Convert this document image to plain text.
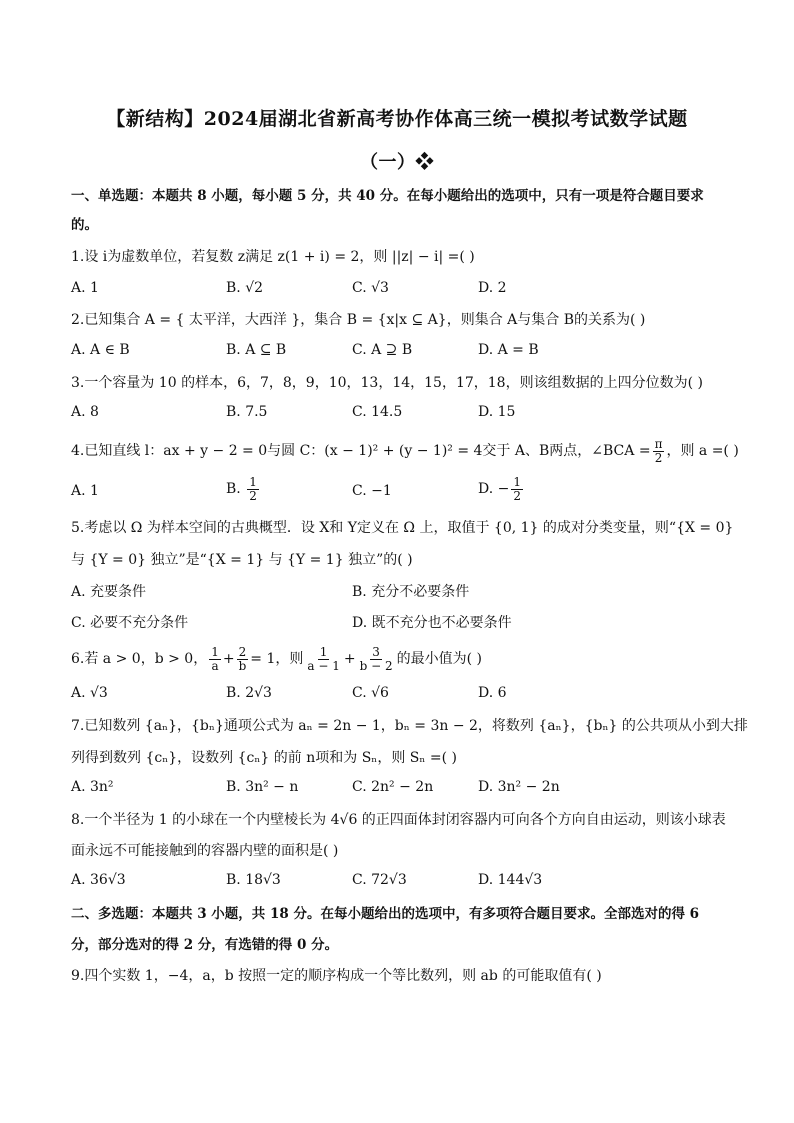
【新结构】2024届湖北省新高考协作体高三统一模拟考试数学试题
（一）❖
一、单选题：本题共 8 小题，每小题 5 分，共 40 分。在每小题给出的选项中，只有一项是符合题目要求
的。
1.设 i为虚数单位，若复数 z满足 z(1 + i) = 2，则 ||z| − i| =( )
A. 1	B. √2	C. √3	D. 2
2.已知集合 A = { 太平洋，大西洋 }，集合 B = {x|x ⊆ A}，则集合 A与集合 B的关系为( )
A. A ∈ B	B. A ⊆ B	C. A ⊇ B	D. A = B
3.一个容量为 10 的样本，6，7，8，9，10，13，14，15，17，18，则该组数据的上四分位数为( )
A. 8	B. 7.5	C. 14.5	D. 15
4.已知直线 l：ax + y − 2 = 0与圆 C：(x − 1)² + (y − 1)² = 4交于 A、B两点，∠BCA = $\frac{\pi}{2}$ ，则 a =( )
A. 1	B. $\frac{1}{2}$	C. −1	D. − $\frac{1}{2}$
5.考虑以 Ω 为样本空间的古典概型．设 X和 Y定义在 Ω 上，取值于 {0, 1} 的成对分类变量，则“{X = 0}
与 {Y = 0} 独立”是“{X = 1} 与 {Y = 1} 独立”的( )
A. 充要条件	B. 充分不必要条件
C. 必要不充分条件	D. 既不充分也不必要条件
6.若 a > 0，b > 0， $\frac{1}{a} + \frac{2}{b} = 1$，则 $\frac{1}{a - 1} + \frac{3}{b - 2}$ 的最小值为( )
A. √3	B. 2√3	C. √6	D. 6
7.已知数列 {aₙ}，{bₙ}通项公式为 aₙ = 2n − 1，bₙ = 3n − 2，将数列 {aₙ}，{bₙ} 的公共项从小到大排
列得到数列 {cₙ}，设数列 {cₙ} 的前 n项和为 Sₙ，则 Sₙ =( )
A. 3n²	B. 3n² − n	C. 2n² − 2n	D. 3n² − 2n
8.一个半径为 1 的小球在一个内壁棱长为 4√6 的正四面体封闭容器内可向各个方向自由运动，则该小球表
面永远不可能接触到的容器内壁的面积是( )
A. 36√3	B. 18√3	C. 72√3	D. 144√3
二、多选题：本题共 3 小题，共 18 分。在每小题给出的选项中，有多项符合题目要求。全部选对的得 6
分，部分选对的得 2 分，有选错的得 0 分。
9.四个实数 1，−4，a，b 按照一定的顺序构成一个等比数列，则 ab 的可能取值有( )
